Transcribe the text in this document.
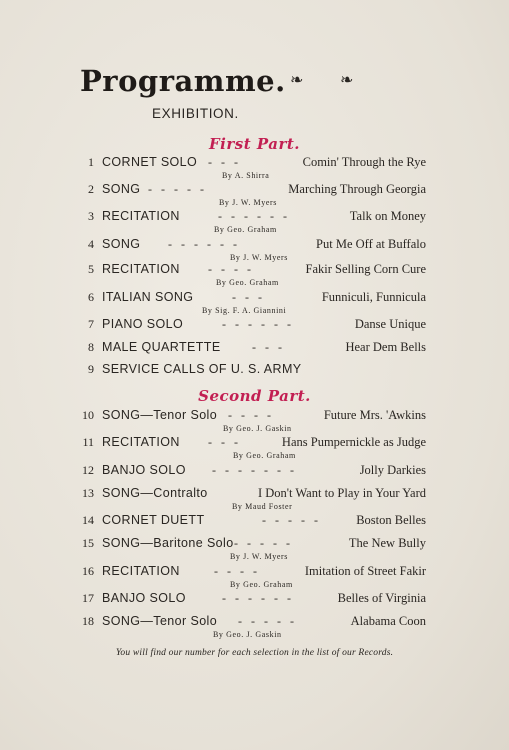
Programme. ❧ ❧
EXHIBITION.
First Part.
Second Part.
1 CORNET SOLO -   -   -	Comin' Through the Rye
By A. Shirra
2 SONG -   -   -   -   -	Marching Through Georgia
By J. W. Myers
3 RECITATION	-   -   -   -   -   -	Talk on Money
By Geo. Graham
4 SONG -   -   -   -   -   -	Put Me Off at Buffalo
By J. W. Myers
5 RECITATION -   -   -   -	Fakir Selling Corn Cure
By Geo. Graham
6 ITALIAN SONG	-   -   -	Funniculi, Funnicula
By Sig. F. A. Giannini
7 PIANO SOLO	-   -   -   -   -   -	Danse Unique
8 MALE QUARTETTE	-   -   -	Hear Dem Bells
9 SERVICE CALLS OF U. S. ARMY
10 SONG—Tenor Solo -   -   -   -	Future Mrs. 'Awkins
By Geo. J. Gaskin
11 RECITATION -   -   -	Hans Pumpernickle as Judge
By Geo. Graham
12 BANJO SOLO -   -   -   -   -   -   -	Jolly Darkies
13 SONG—Contralto	I Don't Want to Play in Your Yard
By Maud Foster
14 CORNET DUETT	-   -   -   -   -	Boston Belles
15 SONG—Baritone Solo -   -   -   -   -	The New Bully
By J. W. Myers
16 RECITATION	-   -   -   -	Imitation of Street Fakir
By Geo. Graham
17 BANJO SOLO	-   -   -   -   -   -	Belles of Virginia
18 SONG—Tenor Solo -   -   -   -   -	Alabama Coon
By Geo. J. Gaskin
You will find our number for each selection in the list of our Records.
